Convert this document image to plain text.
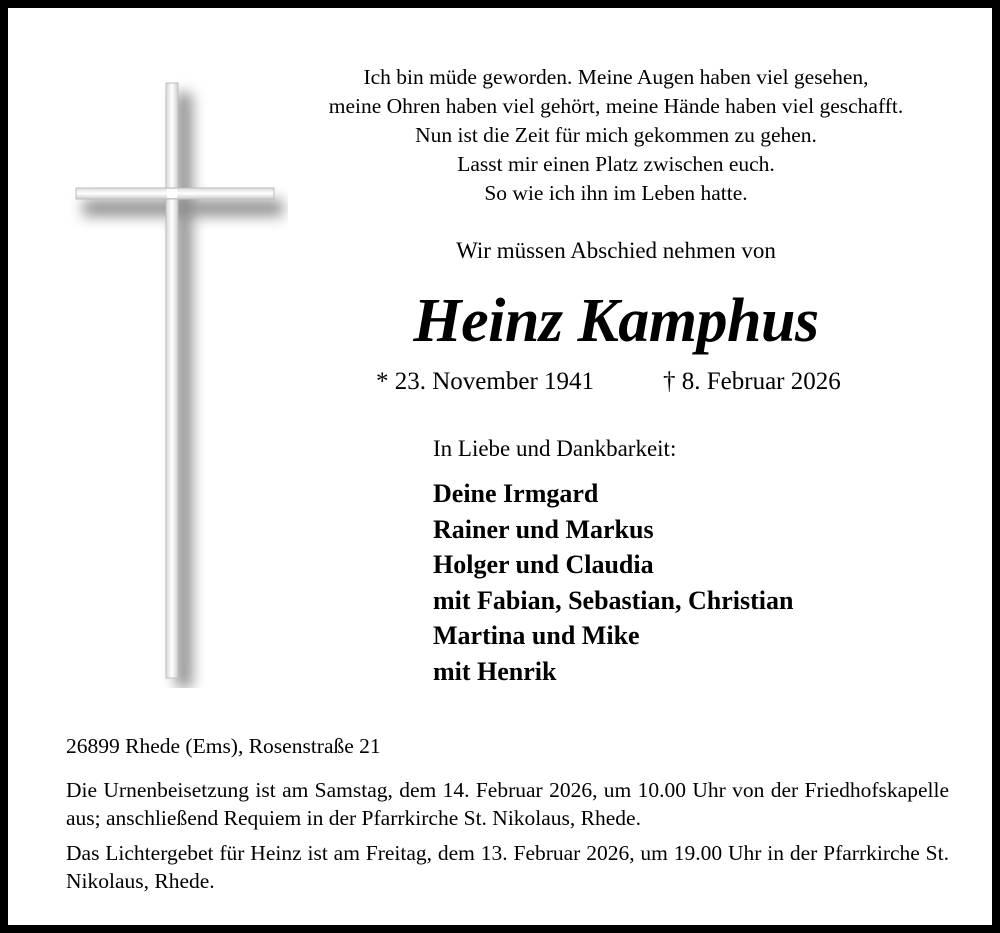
Ich bin müde geworden. Meine Augen haben viel gesehen,
meine Ohren haben viel gehört, meine Hände haben viel geschafft.
Nun ist die Zeit für mich gekommen zu gehen.
Lasst mir einen Platz zwischen euch.
So wie ich ihn im Leben hatte.
Wir müssen Abschied nehmen von
Heinz Kamphus
* 23. November 1941	† 8. Februar 2026
In Liebe und Dankbarkeit:
Deine Irmgard
Rainer und Markus
Holger und Claudia
mit Fabian, Sebastian, Christian
Martina und Mike
mit Henrik
26899 Rhede (Ems), Rosenstraße 21
Die Urnenbeisetzung ist am Samstag, dem 14. Februar 2026, um 10.00 Uhr von der Friedhofskapelle aus; anschließend Requiem in der Pfarrkirche St. Nikolaus, Rhede.
Das Lichtergebet für Heinz ist am Freitag, dem 13. Februar 2026, um 19.00 Uhr in der Pfarrkirche St. Nikolaus, Rhede.
